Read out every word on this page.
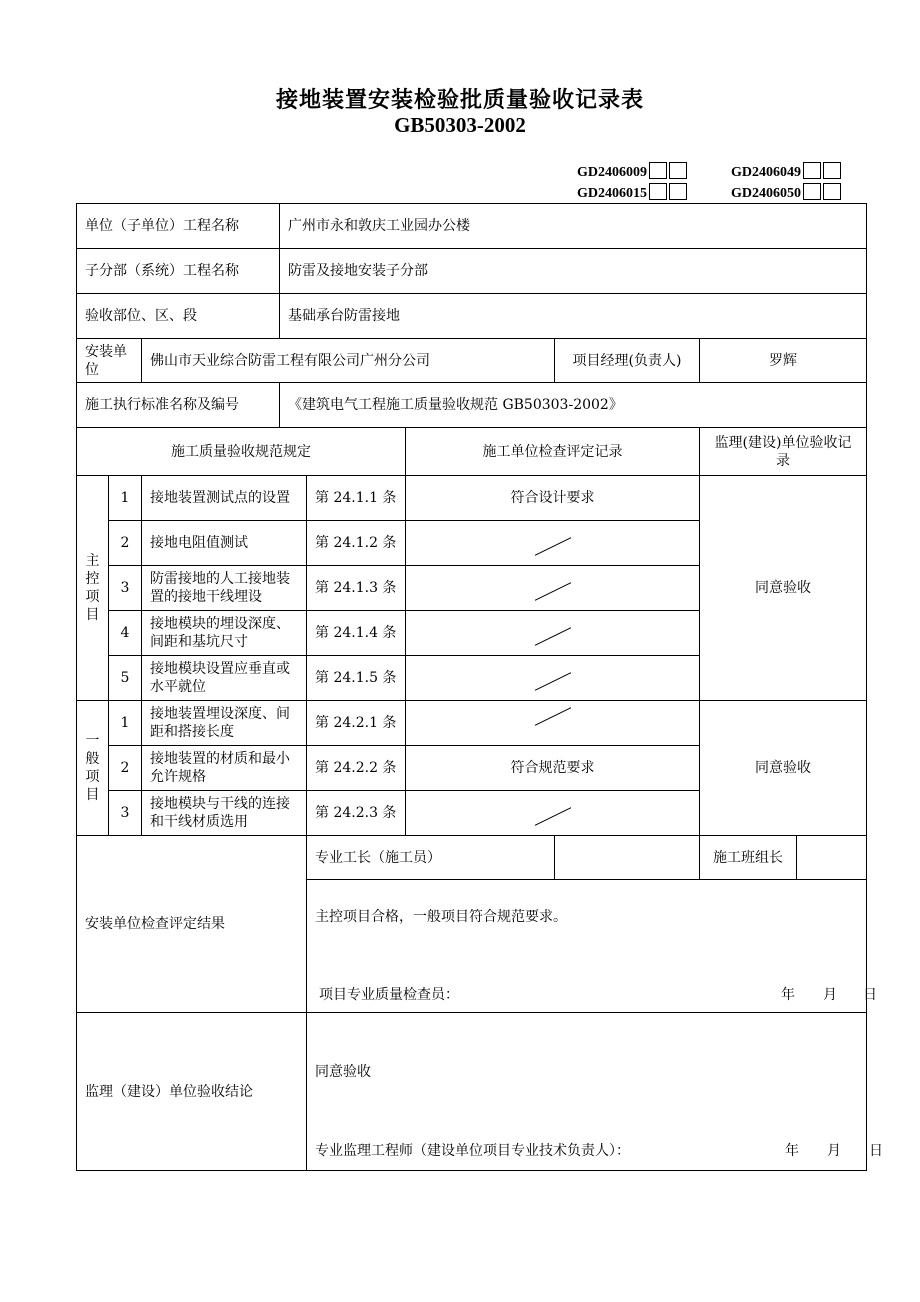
接地装置安装检验批质量验收记录表
GB50303-2002
GD2406009	GD2406049
GD2406015	GD2406050
单位（子单位）工程名称			广州市永和敦庆工业园办公楼					
子分部（系统）工程名称			防雷及接地安装子分部					
验收部位、区、段			基础承台防雷接地					
安装单位		佛山市天业综合防雷工程有限公司广州分公司				项目经理(负责人)	罗辉	
施工执行标准名称及编号			《建筑电气工程施工质量验收规范 GB50303-2002》					
施工质量验收规范规定					施工单位检查评定记录		监理(建设)单位验收记录	

主
控
项
目	1	接地装置测试点的设置		第 24.1.1 条	符合设计要求		同意验收	
	2	接地电阻值测试		第 24.1.2 条				
	3	防雷接地的人工接地装置的接地干线埋设		第 24.1.3 条				
	4	接地模块的埋设深度、间距和基坑尺寸		第 24.1.4 条				
	5	接地模块设置应垂直或水平就位		第 24.1.5 条				

一
般
项
目	1	接地装置埋设深度、间距和搭接长度		第 24.2.1 条			同意验收	
	2	接地装置的材质和最小允许规格		第 24.2.2 条	符合规范要求			
	3	接地模块与干线的连接和干线材质选用		第 24.2.3 条				
安装单位检查评定结果				专业工长（施工员）			施工班组长	

				主控项目合格，一般项目符合规范要求。
项目专业质量检查员： 年 月 日				

监理（建设）单位验收结论				同意验收
专业监理工程师（建设单位项目专业技术负责人）： 年 月 日				
